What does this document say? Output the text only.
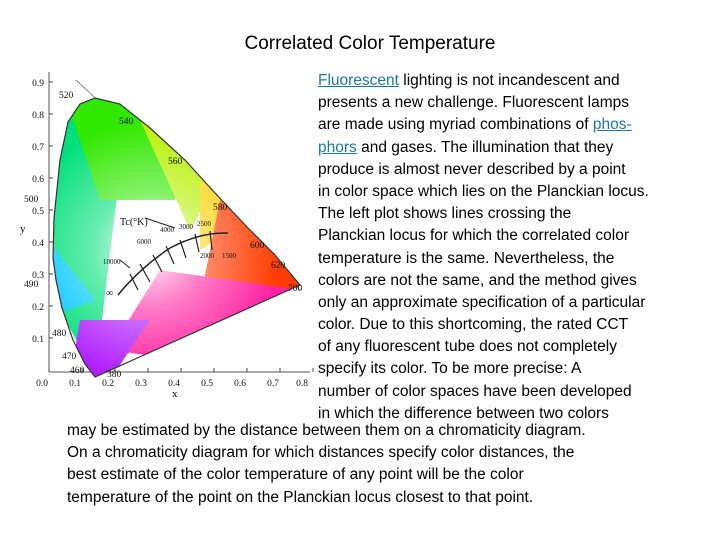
Correlated Color Temperature
y
x
520
540
560
580
600
620
700
500
490
480
470
460 380
Tc(°K)
10000
6000
4000 3000 2500
2000 1500
∞
0.9
0.8
0.7
0.6
0.5
0.4
0.3
0.2
0.1
0.0 0.1 0.2 0.3 0.4 0.5 0.6 0.7 0.8
Fluorescent lighting is not incandescent and
presents a new challenge. Fluorescent lamps
are made using myriad combinations of phos-
phors and gases. The illumination that they
produce is almost never described by a point
in color space which lies on the Planckian locus.
The left plot shows lines crossing the
Planckian locus for which the correlated color
temperature is the same. Nevertheless, the
colors are not the same, and the method gives
only an approximate specification of a particular
color. Due to this shortcoming, the rated CCT
of any fluorescent tube does not completely
specify its color. To be more precise: A
number of color spaces have been developed
in which the difference between two colors
may be estimated by the distance between them on a chromaticity diagram.
On a chromaticity diagram for which distances specify color distances, the
best estimate of the color temperature of any point will be the color
temperature of the point on the Planckian locus closest to that point.
